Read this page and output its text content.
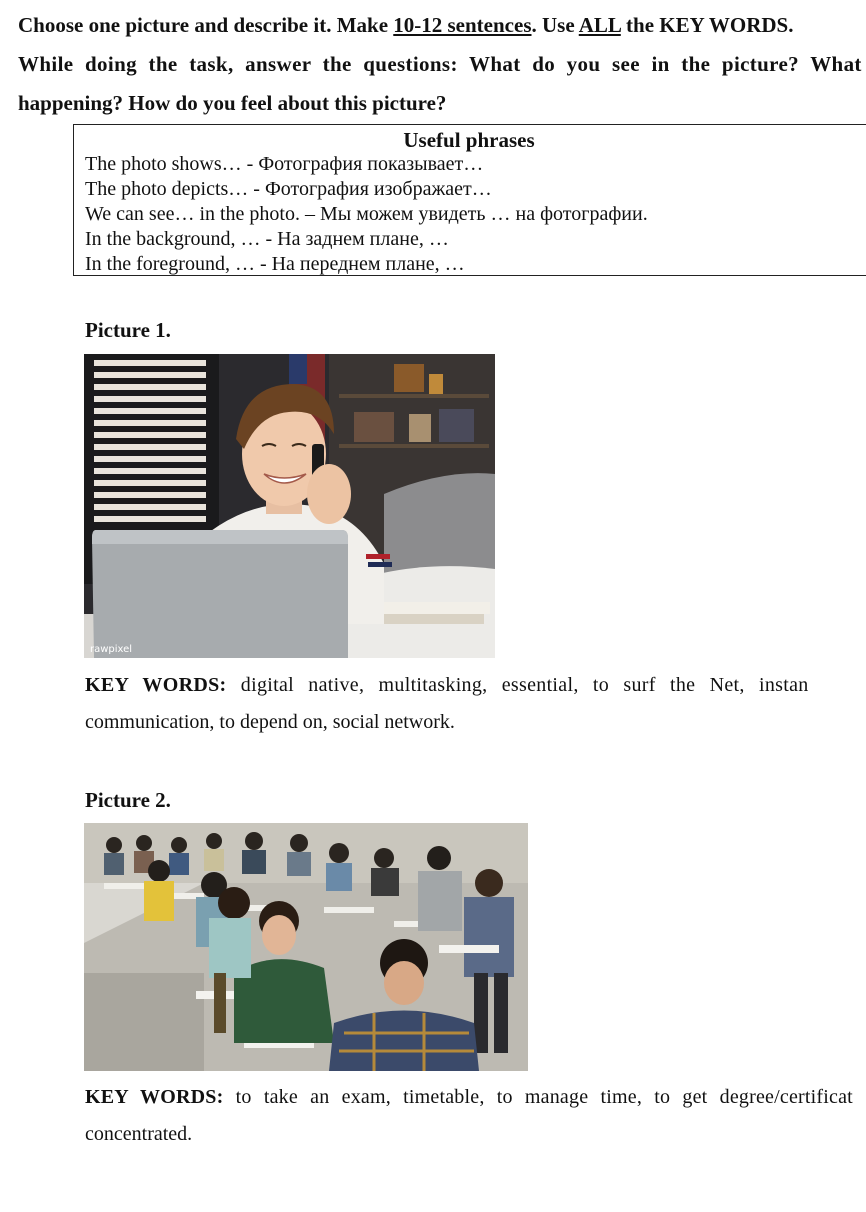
Choose one picture and describe it. Make 10-12 sentences. Use ALL the KEY WORDS.
While doing the task, answer the questions: What do you see in the picture? What
happening? How do you feel about this picture?
Useful phrases
The photo shows… - Фотография показывает…
The photo depicts… - Фотография изображает…
We can see… in the photo. – Мы можем увидеть … на фотографии.
In the background, … - На заднем плане, …
In the foreground, … - На переднем плане, …
Picture 1.
rawpixel
KEY WORDS: digital native, multitasking, essential, to surf the Net, instan
communication, to depend on, social network.
Picture 2.
KEY WORDS: to take an exam, timetable, to manage time, to get degree/certificat
concentrated.
